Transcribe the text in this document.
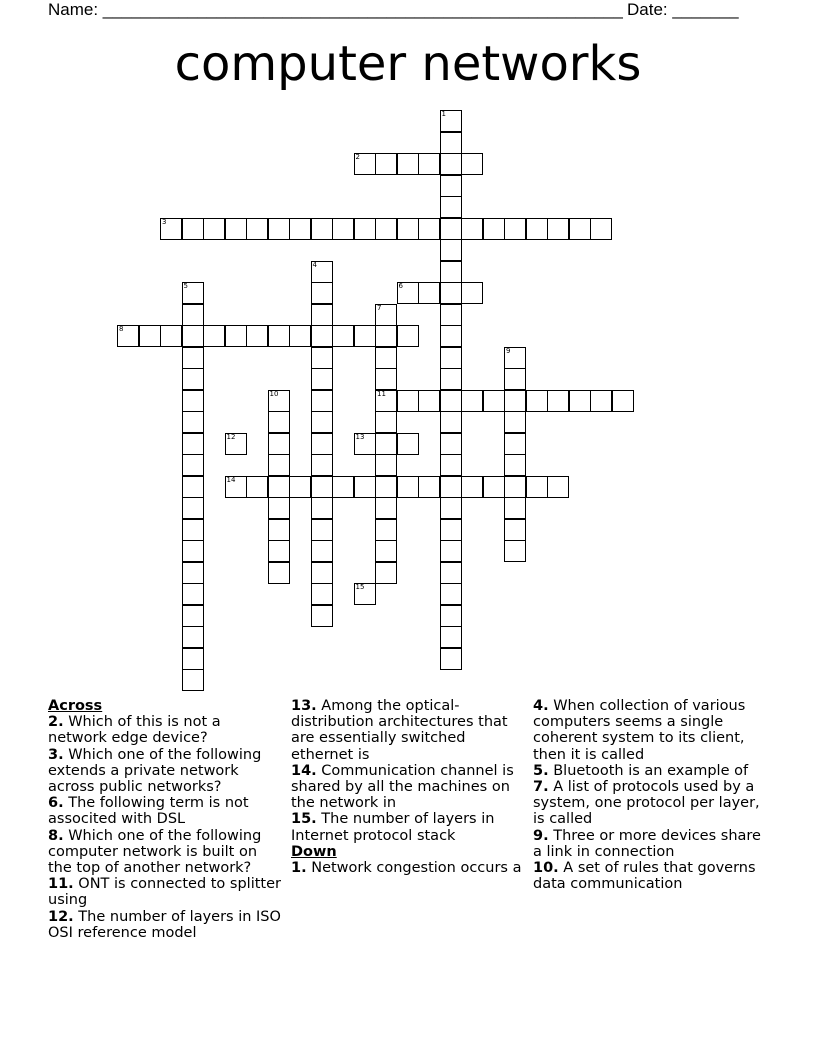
Name: _______________________________________________________ Date: _______
computer networks
1
2
3
4
5	6
7
11
8
9
10
12	13
14
15
Across
2. Which of this is not a network edge device?
3. Which one of the following extends a private network across public networks?
6. The following term is not associted with DSL
8. Which one of the following computer network is built on the top of another network?
11. ONT is connected to splitter using
12. The number of layers in ISO OSI reference model
13. Among the optical-distribution architectures that are essentially switched ethernet is
14. Communication channel is shared by all the machines on the network in
15. The number of layers in Internet protocol stack
Down
1. Network congestion occurs a
4. When collection of various computers seems a single coherent system to its client, then it is called
5. Bluetooth is an example of
7. A list of protocols used by a system, one protocol per layer, is called
9. Three or more devices share a link in connection
10. A set of rules that governs data communication
